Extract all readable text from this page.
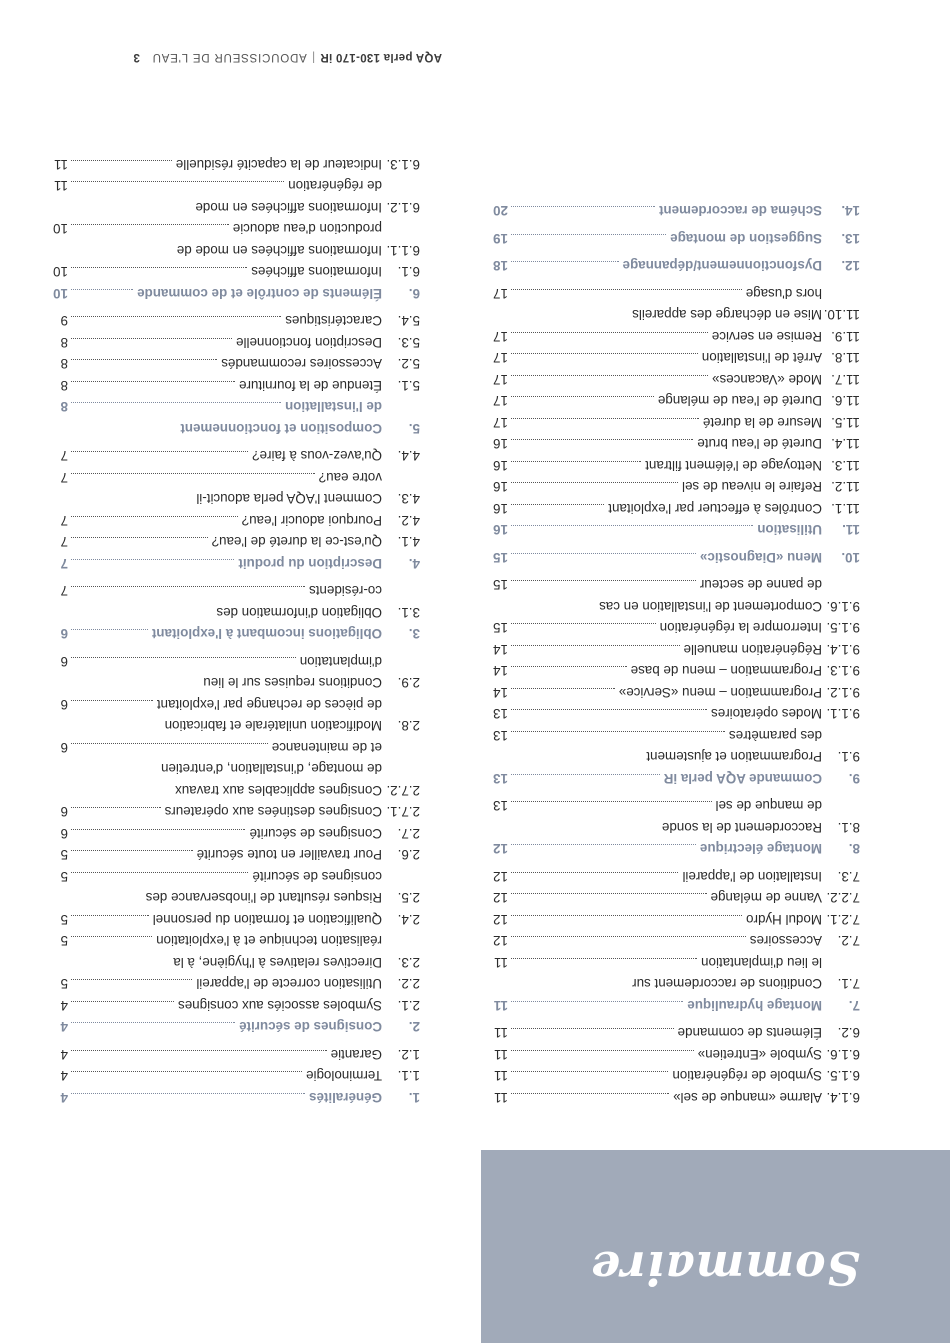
Sommaire
1.
Généralités
4
1.1.
Terminologie
4
1.2.
Garantie
4
2.
Consignes de sécurité
4
2.1.
Symboles associés aux consignes
4
2.2.
Utilisation correcte de l'appareil
5
2.3.
Directives relatives à l'hygiène, à la
réalisation technique et à l'exploitation
5
2.4.
Qualification et formation du personnel
5
2.5.
Risques résultant de l'inobservance des
consignes de sécurité
5
2.6.
Pour travailler en toute sécurité
5
2.7.
Consignes de sécurité
6
2.7.1.
Consignes destinées aux opérateurs
6
2.7.2.
Consignes applicables aux travaux
de montage, d'installation, d'entretien
et de maintenance
6
2.8.
Modification unilatérale et fabrication
de pièces de rechange par l'exploitant
6
2.9.
Conditions requises sur le lieu
d'implantation
6
3.
Obligations incombant à l'exploitant
6
3.1.
Obligation d'information des
co-résidents
7
4.
Description du produit
7
4.1.
Qu'est-ce la dureté de l'eau?
7
4.2.
Pourquoi adoucir l'eau?
7
4.3.
Comment l'AQA perla adoucit-il
votre eau?
7
4.4.
Qu'avez-vous à faire?
7
5.
Composition et fonctionnement
de l'installation
8
5.1.
Étendue de la fourniture
8
5.2.
Accessoires recommandés
8
5.3.
Description fonctionnelle
8
5.4.
Caractéristiques
9
6.
Éléments de contrôle et de commande
10
6.1.
Informations affichées
10
6.1.1.
Informations affichées en mode de
production d'eau adoucie
10
6.1.2.
Informations affichées en mode
de régénération
11
6.1.3.
Indicateur de la capacité résiduelle
11
6.1.4.
Alarme «manque de sel»
11
6.1.5.
Symbole de régénération
11
6.1.6.
Symbole «Entretien»
11
6.2.
Éléments de commande
11
7.
Montage hydraulique
11
7.1.
Conditions de raccordement sur
le lieu d'implantation
11
7.2.
Accessoires
12
7.2.1.
Modul Hydro
12
7.2.2.
Vanne de mélange
12
7.3.
Installation de l'appareil
12
8.
Montage électrique
12
8.1.
Raccordement de la sonde
de manque de sel
13
9.
Commande AQA perla iR
13
9.1.
Programmation et ajustement
des paramètres
13
9.1.1.
Modes opératoires
13
9.1.2.
Programmation – menu «Service»
14
9.1.3.
Programmation – menu de base
14
9.1.4.
Régénération manuelle
14
9.1.5.
Interrompre la régénération
15
9.1.6.
Comportement de l'installation en cas
de panne de secteur
15
10.
Menu «Diagnostic»
15
11.
Utilisation
16
11.1.
Contrôles à effectuer par l'exploitant
16
11.2.
Refaire le niveau de sel
16
11.3.
Nettoyage de l'élément filtrant
16
11.4.
Dureté de l'eau brute
16
11.5.
Mesure de la dureté
17
11.6.
Dureté de l'eau de mélange
17
11.7.
Mode «Vacances»
17
11.8.
Arrêt de l'installation
17
11.9.
Remise en service
17
11.10.
Mise en décharge des appareils
hors d'usage
17
12.
Dysfonctionnement/dépannage
18
13.
Suggestion de montage
19
14.
Schéma de raccordement
20
AQA perla 130-170 iR|ADOUCISSEUR DE L'EAU3
